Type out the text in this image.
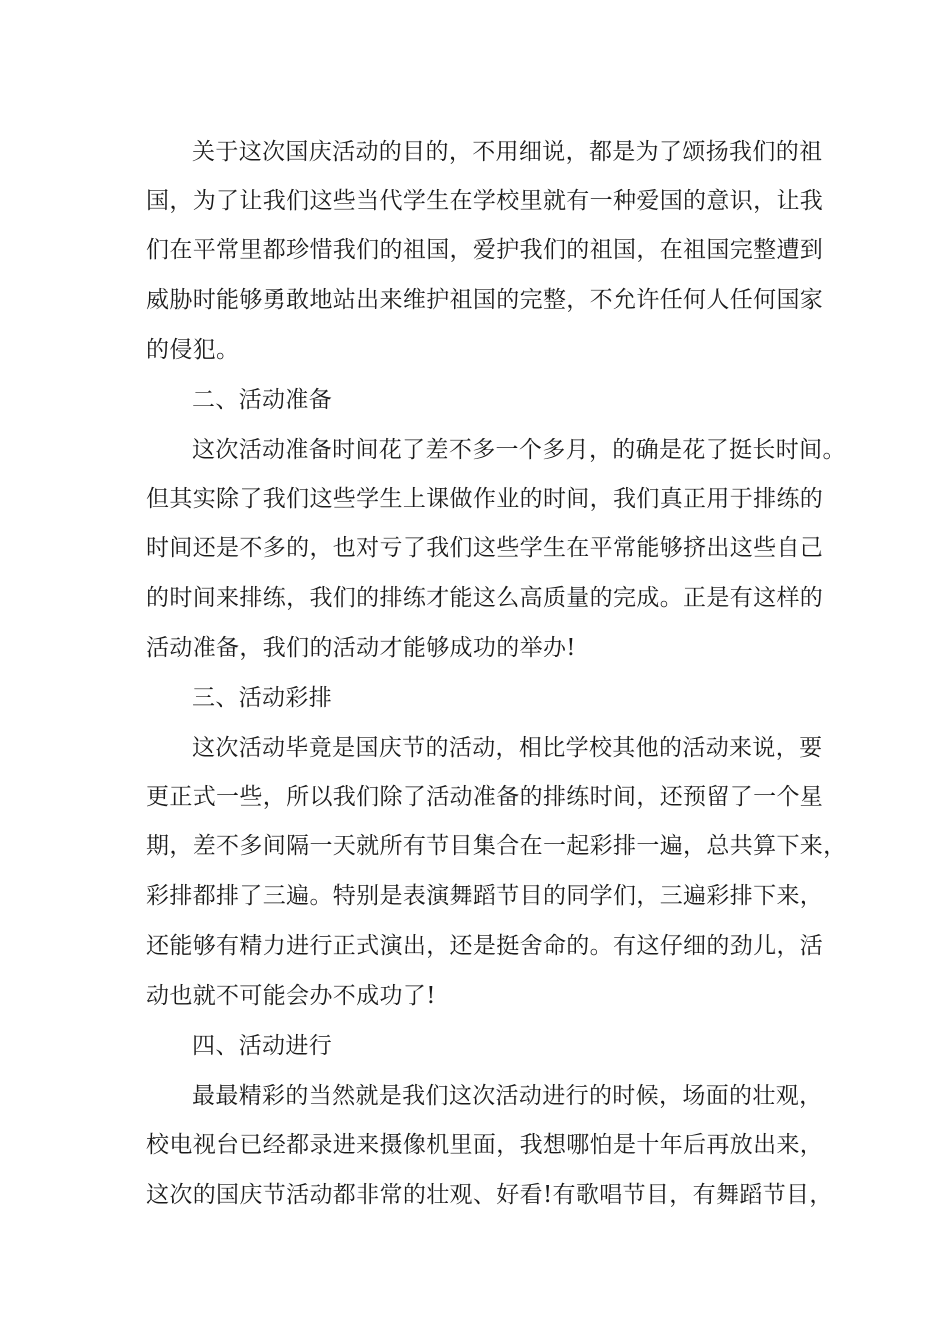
关于这次国庆活动的目的，不用细说，都是为了颂扬我们的祖
国，为了让我们这些当代学生在学校里就有一种爱国的意识，让我
们在平常里都珍惜我们的祖国，爱护我们的祖国，在祖国完整遭到
威胁时能够勇敢地站出来维护祖国的完整，不允许任何人任何国家
的侵犯。
二、活动准备
这次活动准备时间花了差不多一个多月，的确是花了挺长时间。
但其实除了我们这些学生上课做作业的时间，我们真正用于排练的
时间还是不多的，也对亏了我们这些学生在平常能够挤出这些自己
的时间来排练，我们的排练才能这么高质量的完成。正是有这样的
活动准备，我们的活动才能够成功的举办!
三、活动彩排
这次活动毕竟是国庆节的活动，相比学校其他的活动来说，要
更正式一些，所以我们除了活动准备的排练时间，还预留了一个星
期，差不多间隔一天就所有节目集合在一起彩排一遍，总共算下来，
彩排都排了三遍。特别是表演舞蹈节目的同学们，三遍彩排下来，
还能够有精力进行正式演出，还是挺舍命的。有这仔细的劲儿，活
动也就不可能会办不成功了!
四、活动进行
最最精彩的当然就是我们这次活动进行的时候，场面的壮观，
校电视台已经都录进来摄像机里面，我想哪怕是十年后再放出来，
这次的国庆节活动都非常的壮观、好看!有歌唱节目，有舞蹈节目，
